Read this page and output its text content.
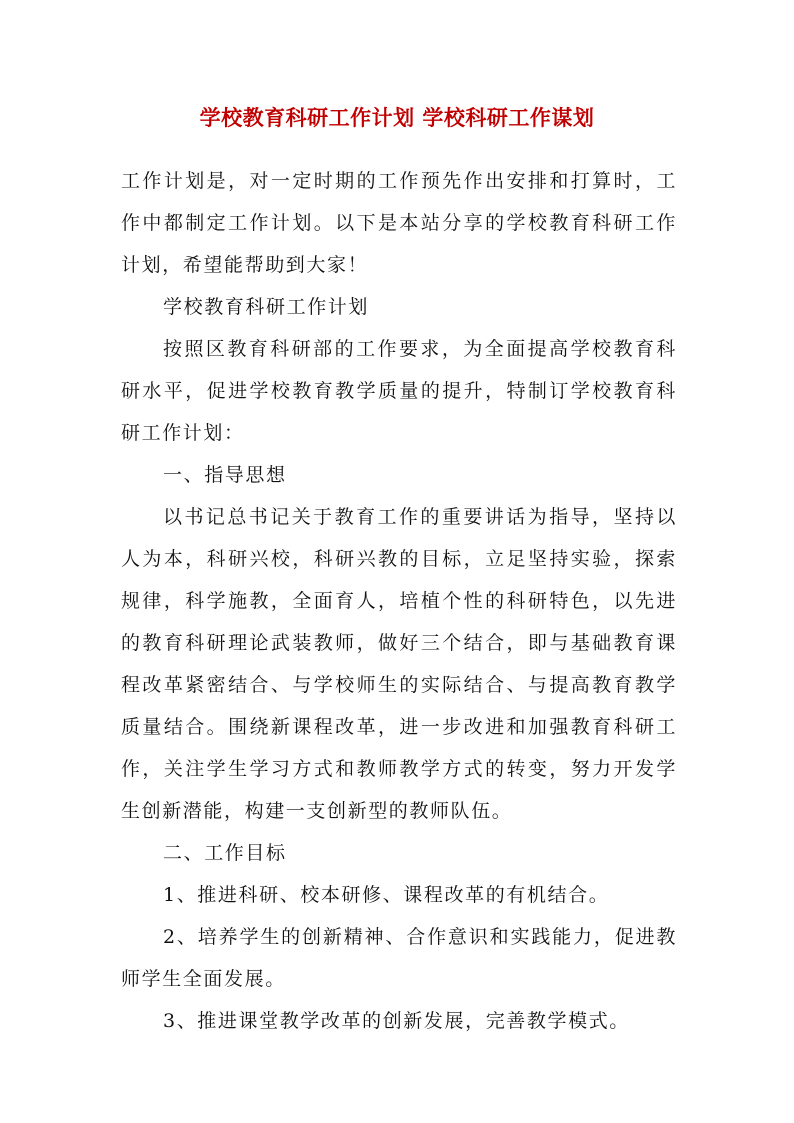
学校教育科研工作计划 学校科研工作谋划

工作计划是，对一定时期的工作预先作出安排和打算时，工作中都制定工作计划。以下是本站分享的学校教育科研工作计划，希望能帮助到大家！

学校教育科研工作计划

按照区教育科研部的工作要求，为全面提高学校教育科研水平，促进学校教育教学质量的提升，特制订学校教育科研工作计划：

一、指导思想

以书记总书记关于教育工作的重要讲话为指导，坚持以人为本，科研兴校，科研兴教的目标，立足坚持实验，探索规律，科学施教，全面育人，培植个性的科研特色，以先进的教育科研理论武装教师，做好三个结合，即与基础教育课程改革紧密结合、与学校师生的实际结合、与提高教育教学质量结合。围绕新课程改革，进一步改进和加强教育科研工作，关注学生学习方式和教师教学方式的转变，努力开发学生创新潜能，构建一支创新型的教师队伍。

二、工作目标

1、推进科研、校本研修、课程改革的有机结合。

2、培养学生的创新精神、合作意识和实践能力，促进教师学生全面发展。

3、推进课堂教学改革的创新发展，完善教学模式。
